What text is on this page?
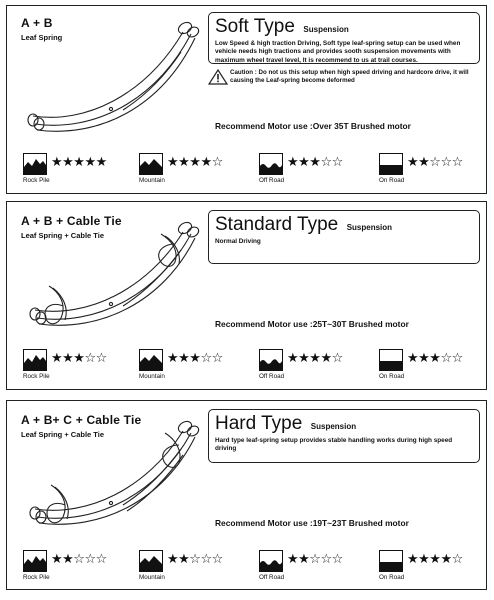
A + B
Leaf Spring
Soft Type Suspension
Low Speed & high traction Driving, Soft type leaf-spring setup can be used when vehicle needs high tractions and provides sooth suspension movements with maximum wheel travel level, It is recommend to us at trail courses.
Caution : Do not us this setup when high speed driving and hardcore drive, it will causing the Leaf-spring become deformed
Recommend Motor use :Over 35T Brushed motor
★★★★★
Rock Pile
★★★★☆
Mountain
★★★☆☆
Off Road
★★☆☆☆
On Road
A + B + Cable Tie
Leaf Spring + Cable Tie
Standard Type Suspension
Normal Driving
Recommend Motor use :25T~30T Brushed motor
★★★☆☆
Rock Pile
★★★☆☆
Mountain
★★★★☆
Off Road
★★★☆☆
On Road
A + B+ C + Cable Tie
Leaf Spring + Cable Tie
Hard Type Suspension
Hard type leaf-spring setup provides stable handling works during high speed driving
Recommend Motor use :19T~23T Brushed motor
★★☆☆☆
Rock Pile
★★☆☆☆
Mountain
★★☆☆☆
Off Road
★★★★☆
On Road
